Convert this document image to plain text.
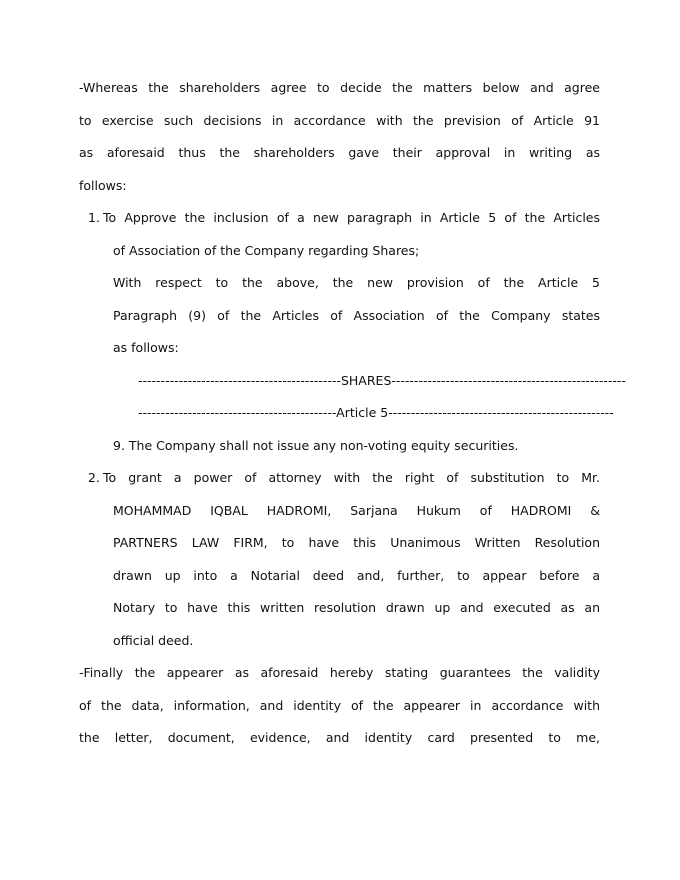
-Whereas the shareholders agree to decide the matters below and agree
to exercise such decisions in accordance with the prevision of Article 91
as aforesaid thus the shareholders gave their approval in writing as
follows:
1. To Approve the inclusion of a new paragraph in Article 5 of the Articles
of Association of the Company regarding Shares;
With respect to the above, the new provision of the Article 5
Paragraph (9) of the Articles of Association of the Company states
as follows:
---------------------------------------------SHARES----------------------------------------------------
--------------------------------------------Article 5--------------------------------------------------
9. The Company shall not issue any non-voting equity securities.
2. To grant a power of attorney with the right of substitution to Mr.
MOHAMMAD IQBAL HADROMI, Sarjana Hukum of HADROMI &
PARTNERS LAW FIRM, to have this Unanimous Written Resolution
drawn up into a Notarial deed and, further, to appear before a
Notary to have this written resolution drawn up and executed as an
official deed.
-Finally the appearer as aforesaid hereby stating guarantees the validity
of the data, information, and identity of the appearer in accordance with
the letter, document, evidence, and identity card presented to me,
